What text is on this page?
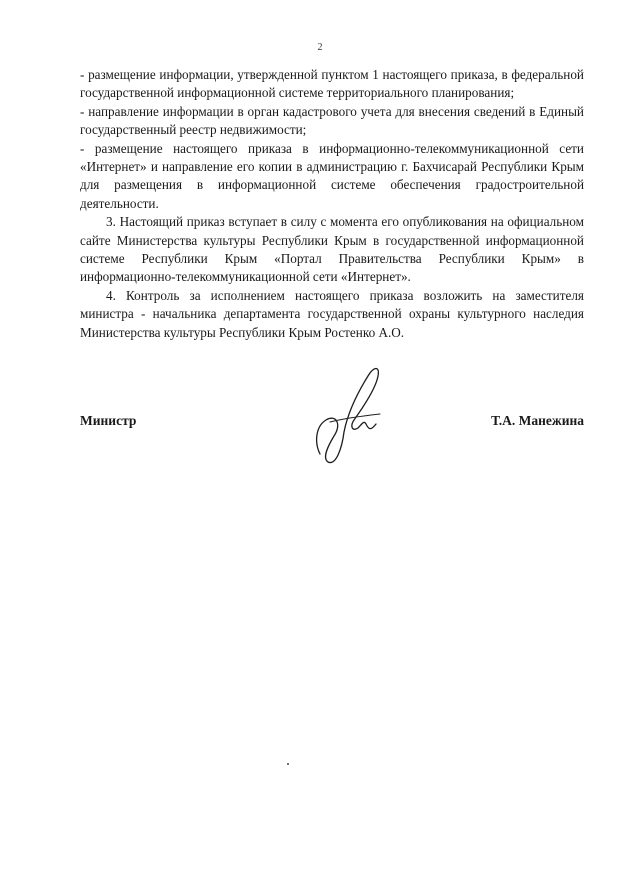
2

- размещение информации, утвержденной пунктом 1 настоящего приказа, в федеральной государственной информационной системе территориального планирования;

- направление информации в орган кадастрового учета для внесения сведений в Единый государственный реестр недвижимости;

- размещение настоящего приказа в информационно-телекоммуникационной сети «Интернет» и направление его копии в администрацию г. Бахчисарай Республики Крым для размещения в информационной системе обеспечения градостроительной деятельности.

3. Настоящий приказ вступает в силу с момента его опубликования на официальном сайте Министерства культуры Республики Крым в государственной информационной системе Республики Крым «Портал Правительства Республики Крым» в информационно-телекоммуникационной сети «Интернет».

4. Контроль за исполнением настоящего приказа возложить на заместителя министра - начальника департамента государственной охраны культурного наследия Министерства культуры Республики Крым Ростенко А.О.

Министр	Т.А. Манежина
